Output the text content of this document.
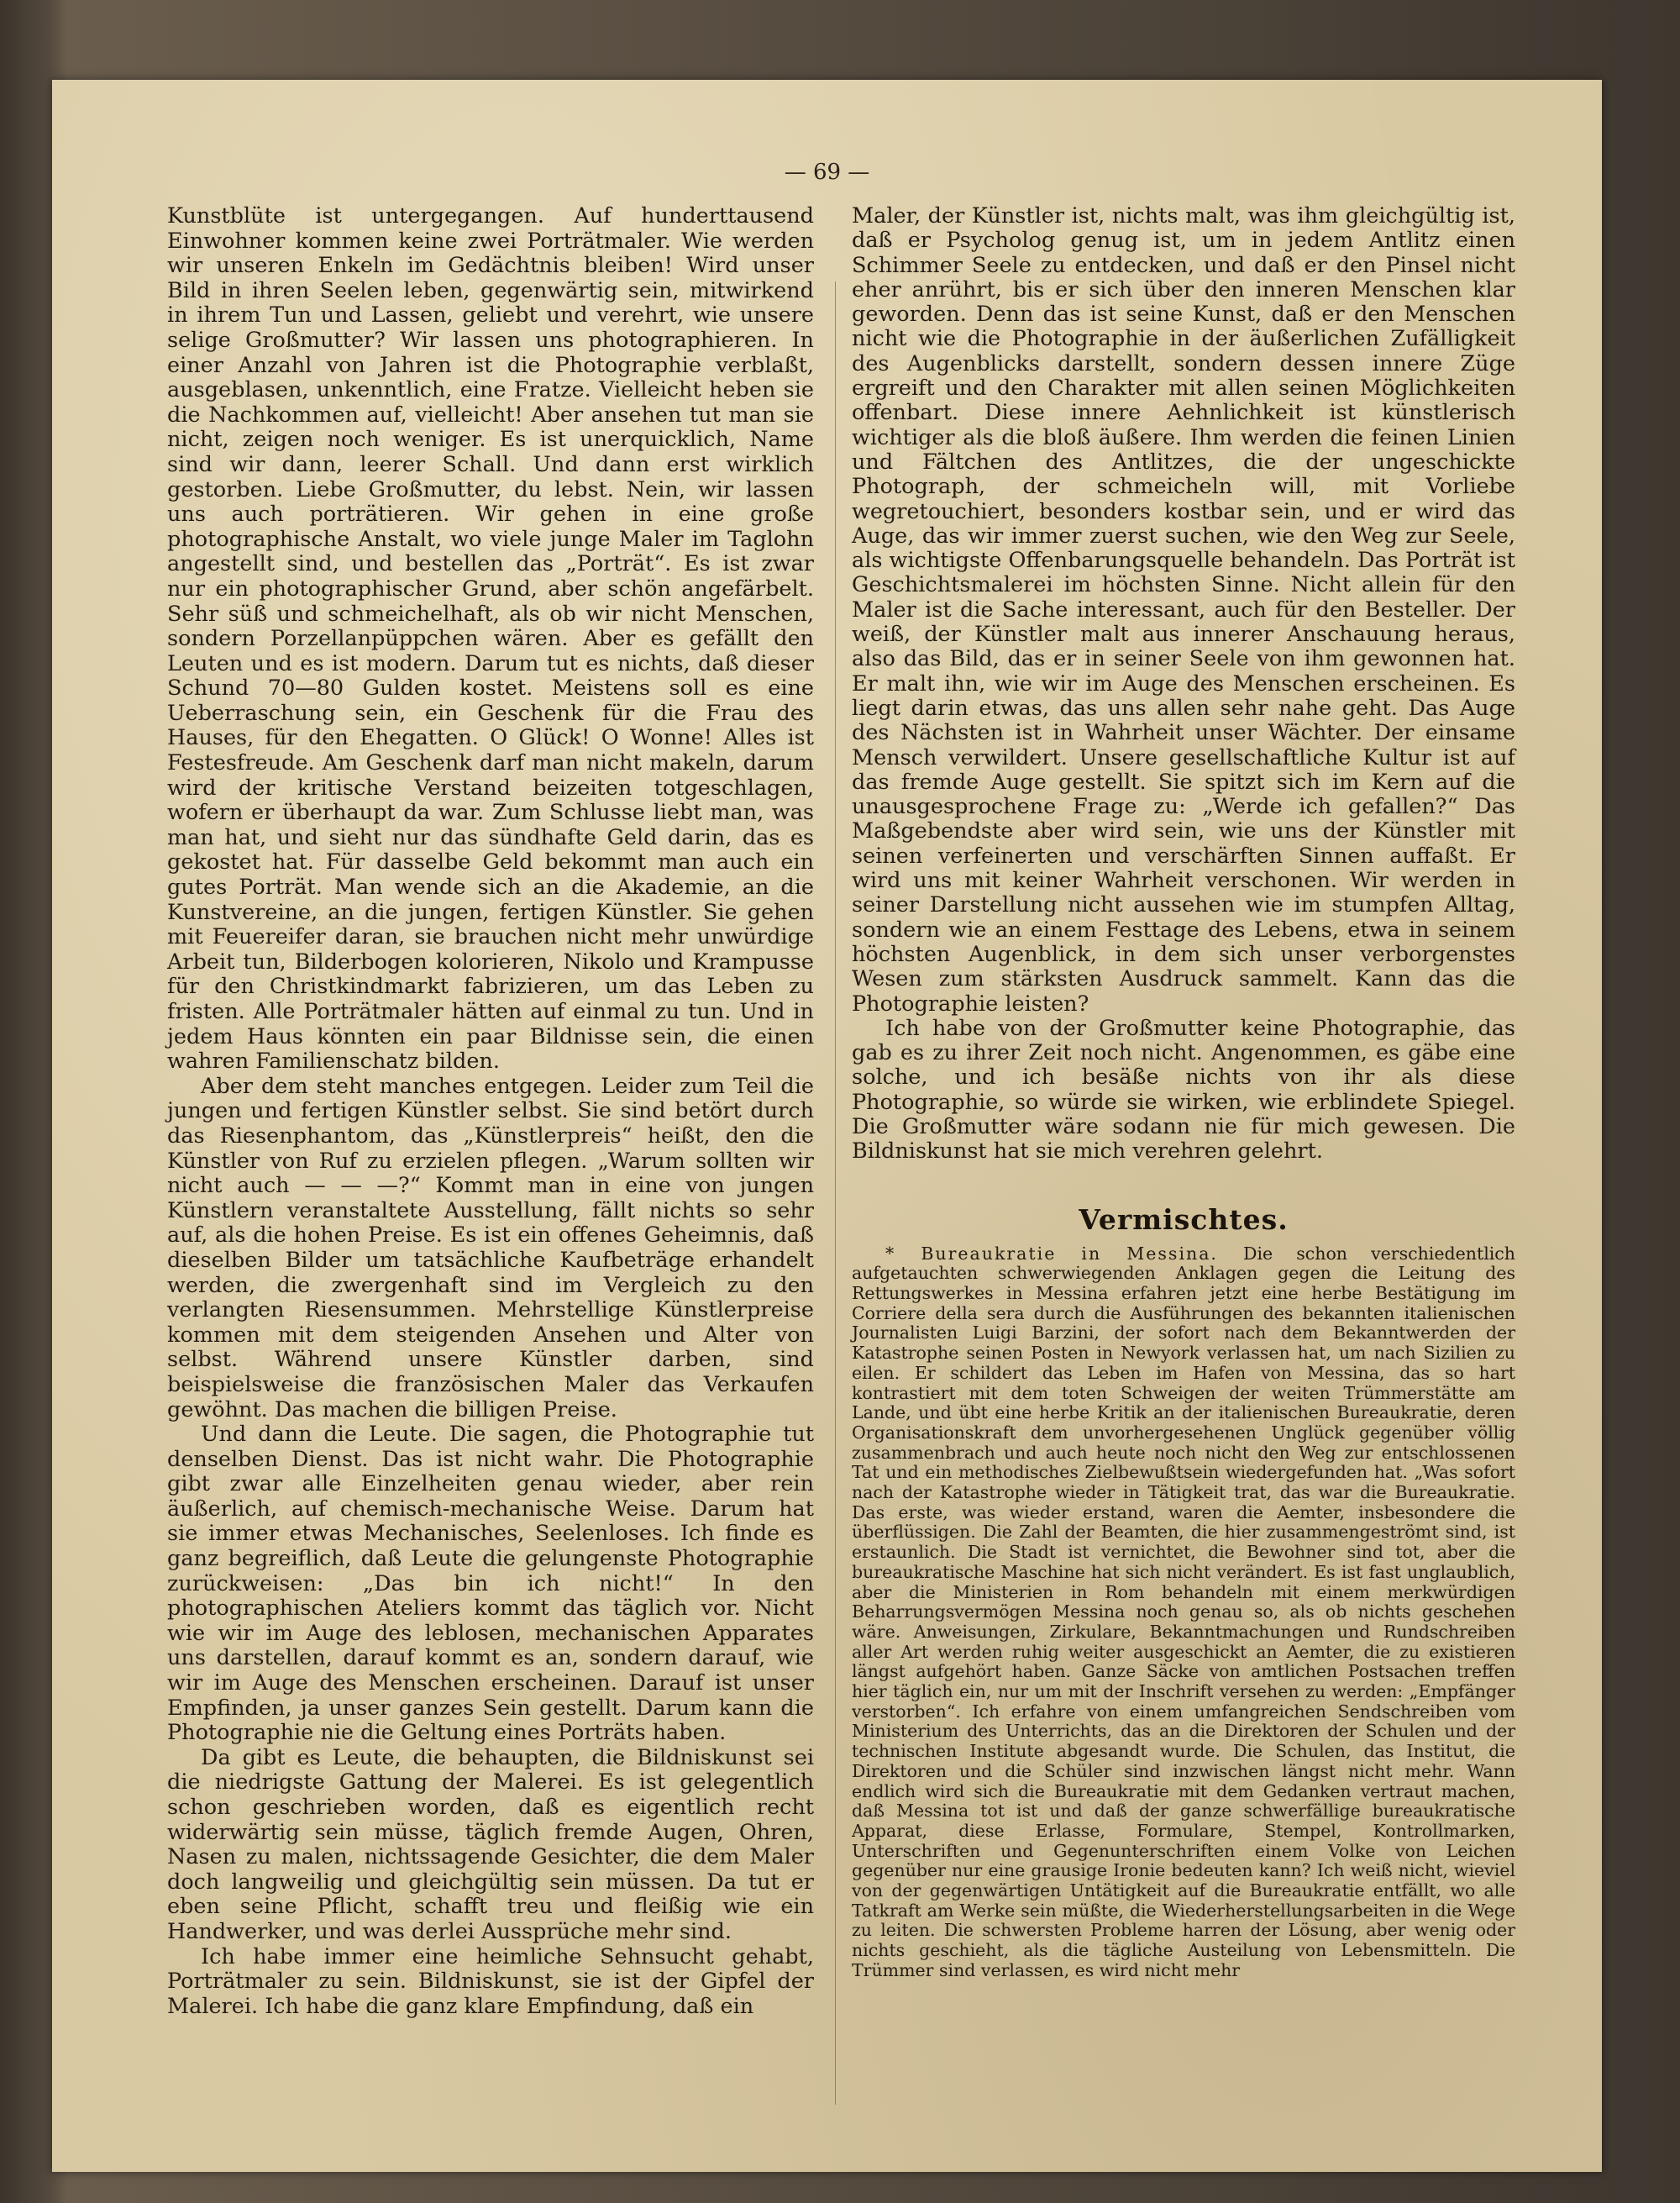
— 69 —

Kunstblüte ist untergegangen. Auf hunderttausend Einwohner kommen keine zwei Porträtmaler. Wie werden wir unseren Enkeln im Gedächtnis bleiben! Wird unser Bild in ihren Seelen leben, gegenwärtig sein, mitwirkend in ihrem Tun und Lassen, geliebt und verehrt, wie unsere selige Großmutter? Wir lassen uns photographieren. In einer Anzahl von Jahren ist die Photographie verblaßt, ausgeblasen, unkenntlich, eine Fratze. Vielleicht heben sie die Nachkommen auf, vielleicht! Aber ansehen tut man sie nicht, zeigen noch weniger. Es ist unerquicklich, Name sind wir dann, leerer Schall. Und dann erst wirklich gestorben. Liebe Großmutter, du lebst. Nein, wir lassen uns auch porträtieren. Wir gehen in eine große photographische Anstalt, wo viele junge Maler im Taglohn angestellt sind, und bestellen das „Porträt“. Es ist zwar nur ein photographischer Grund, aber schön angefärbelt. Sehr süß und schmeichelhaft, als ob wir nicht Menschen, sondern Porzellanpüppchen wären. Aber es gefällt den Leuten und es ist modern. Darum tut es nichts, daß dieser Schund 70—80 Gulden kostet. Meistens soll es eine Ueberraschung sein, ein Geschenk für die Frau des Hauses, für den Ehegatten. O Glück! O Wonne! Alles ist Festesfreude. Am Geschenk darf man nicht makeln, darum wird der kritische Verstand beizeiten totgeschlagen, wofern er überhaupt da war. Zum Schlusse liebt man, was man hat, und sieht nur das sündhafte Geld darin, das es gekostet hat. Für dasselbe Geld bekommt man auch ein gutes Porträt. Man wende sich an die Akademie, an die Kunstvereine, an die jungen, fertigen Künstler. Sie gehen mit Feuereifer daran, sie brauchen nicht mehr unwürdige Arbeit tun, Bilderbogen kolorieren, Nikolo und Krampusse für den Christkindmarkt fabrizieren, um das Leben zu fristen. Alle Porträtmaler hätten auf einmal zu tun. Und in jedem Haus könnten ein paar Bildnisse sein, die einen wahren Familienschatz bilden.

Aber dem steht manches entgegen. Leider zum Teil die jungen und fertigen Künstler selbst. Sie sind betört durch das Riesenphantom, das „Künstlerpreis“ heißt, den die Künstler von Ruf zu erzielen pflegen. „Warum sollten wir nicht auch — — —?“ Kommt man in eine von jungen Künstlern veranstaltete Ausstellung, fällt nichts so sehr auf, als die hohen Preise. Es ist ein offenes Geheimnis, daß dieselben Bilder um tatsächliche Kaufbeträge erhandelt werden, die zwergenhaft sind im Vergleich zu den verlangten Riesensummen. Mehrstellige Künstlerpreise kommen mit dem steigenden Ansehen und Alter von selbst. Während unsere Künstler darben, sind beispielsweise die französischen Maler das Verkaufen gewöhnt. Das machen die billigen Preise.

Und dann die Leute. Die sagen, die Photographie tut denselben Dienst. Das ist nicht wahr. Die Photographie gibt zwar alle Einzelheiten genau wieder, aber rein äußerlich, auf chemisch-mechanische Weise. Darum hat sie immer etwas Mechanisches, Seelenloses. Ich finde es ganz begreiflich, daß Leute die gelungenste Photographie zurückweisen: „Das bin ich nicht!“ In den photographischen Ateliers kommt das täglich vor. Nicht wie wir im Auge des leblosen, mechanischen Apparates uns darstellen, darauf kommt es an, sondern darauf, wie wir im Auge des Menschen erscheinen. Darauf ist unser Empfinden, ja unser ganzes Sein gestellt. Darum kann die Photographie nie die Geltung eines Porträts haben.

Da gibt es Leute, die behaupten, die Bildniskunst sei die niedrigste Gattung der Malerei. Es ist gelegentlich schon geschrieben worden, daß es eigentlich recht widerwärtig sein müsse, täglich fremde Augen, Ohren, Nasen zu malen, nichtssagende Gesichter, die dem Maler doch langweilig und gleichgültig sein müssen. Da tut er eben seine Pflicht, schafft treu und fleißig wie ein Handwerker, und was derlei Aussprüche mehr sind.

Ich habe immer eine heimliche Sehnsucht gehabt, Porträtmaler zu sein. Bildniskunst, sie ist der Gipfel der Malerei. Ich habe die ganz klare Empfindung, daß ein

Maler, der Künstler ist, nichts malt, was ihm gleichgültig ist, daß er Psycholog genug ist, um in jedem Antlitz einen Schimmer Seele zu entdecken, und daß er den Pinsel nicht eher anrührt, bis er sich über den inneren Menschen klar geworden. Denn das ist seine Kunst, daß er den Menschen nicht wie die Photographie in der äußerlichen Zufälligkeit des Augenblicks darstellt, sondern dessen innere Züge ergreift und den Charakter mit allen seinen Möglichkeiten offenbart. Diese innere Aehnlichkeit ist künstlerisch wichtiger als die bloß äußere. Ihm werden die feinen Linien und Fältchen des Antlitzes, die der ungeschickte Photograph, der schmeicheln will, mit Vorliebe wegretouchiert, besonders kostbar sein, und er wird das Auge, das wir immer zuerst suchen, wie den Weg zur Seele, als wichtigste Offenbarungsquelle behandeln. Das Porträt ist Geschichtsmalerei im höchsten Sinne. Nicht allein für den Maler ist die Sache interessant, auch für den Besteller. Der weiß, der Künstler malt aus innerer Anschauung heraus, also das Bild, das er in seiner Seele von ihm gewonnen hat. Er malt ihn, wie wir im Auge des Menschen erscheinen. Es liegt darin etwas, das uns allen sehr nahe geht. Das Auge des Nächsten ist in Wahrheit unser Wächter. Der einsame Mensch verwildert. Unsere gesellschaftliche Kultur ist auf das fremde Auge gestellt. Sie spitzt sich im Kern auf die unausgesprochene Frage zu: „Werde ich gefallen?“ Das Maßgebendste aber wird sein, wie uns der Künstler mit seinen verfeinerten und verschärften Sinnen auffaßt. Er wird uns mit keiner Wahrheit verschonen. Wir werden in seiner Darstellung nicht aussehen wie im stumpfen Alltag, sondern wie an einem Festtage des Lebens, etwa in seinem höchsten Augenblick, in dem sich unser verborgenstes Wesen zum stärksten Ausdruck sammelt. Kann das die Photographie leisten?

Ich habe von der Großmutter keine Photographie, das gab es zu ihrer Zeit noch nicht. Angenommen, es gäbe eine solche, und ich besäße nichts von ihr als diese Photographie, so würde sie wirken, wie erblindete Spiegel. Die Großmutter wäre sodann nie für mich gewesen. Die Bildniskunst hat sie mich verehren gelehrt.

Vermischtes.

* Bureaukratie in Messina. Die schon verschiedentlich aufgetauchten schwerwiegenden Anklagen gegen die Leitung des Rettungswerkes in Messina erfahren jetzt eine herbe Bestätigung im Corriere della sera durch die Ausführungen des bekannten italienischen Journalisten Luigi Barzini, der sofort nach dem Bekanntwerden der Katastrophe seinen Posten in Newyork verlassen hat, um nach Sizilien zu eilen. Er schildert das Leben im Hafen von Messina, das so hart kontrastiert mit dem toten Schweigen der weiten Trümmerstätte am Lande, und übt eine herbe Kritik an der italienischen Bureaukratie, deren Organisationskraft dem unvorhergesehenen Unglück gegenüber völlig zusammenbrach und auch heute noch nicht den Weg zur entschlossenen Tat und ein methodisches Zielbewußtsein wiedergefunden hat. „Was sofort nach der Katastrophe wieder in Tätigkeit trat, das war die Bureaukratie. Das erste, was wieder erstand, waren die Aemter, insbesondere die überflüssigen. Die Zahl der Beamten, die hier zusammengeströmt sind, ist erstaunlich. Die Stadt ist vernichtet, die Bewohner sind tot, aber die bureaukratische Maschine hat sich nicht verändert. Es ist fast unglaublich, aber die Ministerien in Rom behandeln mit einem merkwürdigen Beharrungsvermögen Messina noch genau so, als ob nichts geschehen wäre. Anweisungen, Zirkulare, Bekanntmachungen und Rundschreiben aller Art werden ruhig weiter ausgeschickt an Aemter, die zu existieren längst aufgehört haben. Ganze Säcke von amtlichen Postsachen treffen hier täglich ein, nur um mit der Inschrift versehen zu werden: „Empfänger verstorben“. Ich erfahre von einem umfangreichen Sendschreiben vom Ministerium des Unterrichts, das an die Direktoren der Schulen und der technischen Institute abgesandt wurde. Die Schulen, das Institut, die Direktoren und die Schüler sind inzwischen längst nicht mehr. Wann endlich wird sich die Bureaukratie mit dem Gedanken vertraut machen, daß Messina tot ist und daß der ganze schwerfällige bureaukratische Apparat, diese Erlasse, Formulare, Stempel, Kontrollmarken, Unterschriften und Gegenunterschriften einem Volke von Leichen gegenüber nur eine grausige Ironie bedeuten kann? Ich weiß nicht, wieviel von der gegenwärtigen Untätigkeit auf die Bureaukratie entfällt, wo alle Tatkraft am Werke sein müßte, die Wiederherstellungsarbeiten in die Wege zu leiten. Die schwersten Probleme harren der Lösung, aber wenig oder nichts geschieht, als die tägliche Austeilung von Lebensmitteln. Die Trümmer sind verlassen, es wird nicht mehr
